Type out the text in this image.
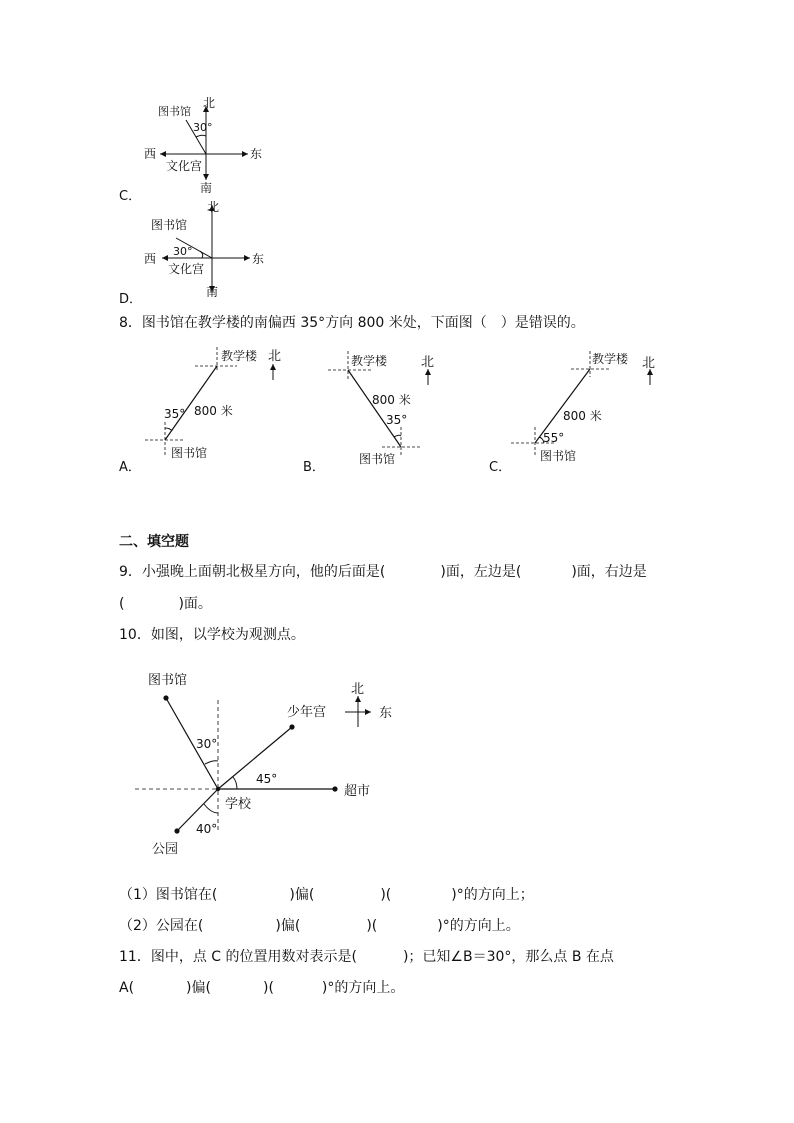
北
图书馆
30°
西	东
文化宫
南
C．
北
图书馆
30°
西	东
文化宫
南
D．
8．图书馆在教学楼的南偏西 35°方向 800 米处，下面图（　）是错误的。
教学楼 北
800 米
35°
图书馆
A．
教学楼	北
800 米
35°
图书馆
B．
教学楼 北
800 米
55°
图书馆
C．
二、填空题
9．小强晚上面朝北极星方向，他的后面是(	)面，左边是(	)面，右边是
(	)面。
10．如图，以学校为观测点。
图书馆
30°
少年宫
北
东
45°
超市
学校
40°
公园
（1）图书馆在(	)偏(	)(	)°的方向上；
（2）公园在(	)偏(	)(	)°的方向上。
11．图中，点 C 的位置用数对表示是(	)；已知∠B＝30°，那么点 B 在点
A(	)偏(	)(	)°的方向上。
